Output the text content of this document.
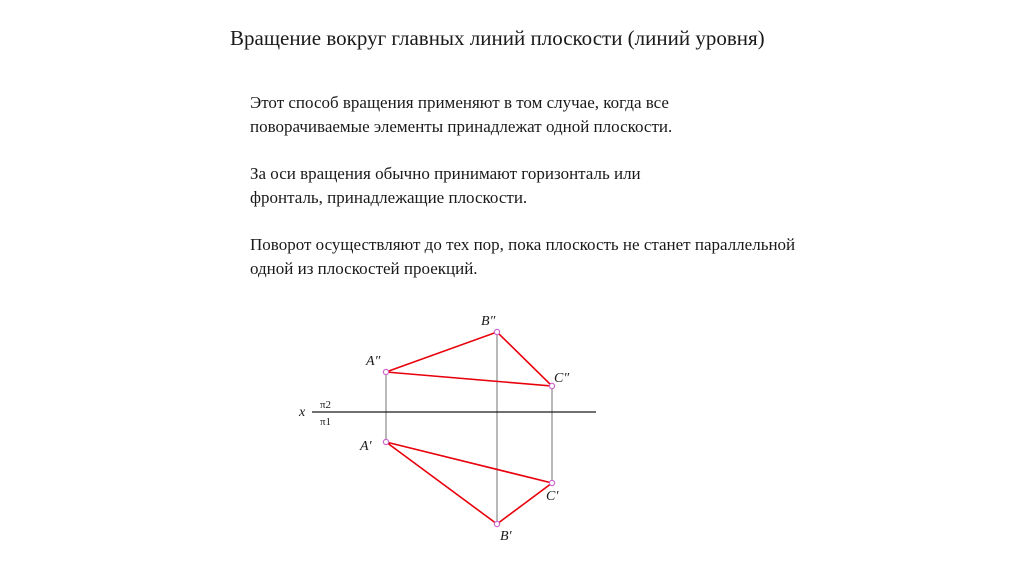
Вращение вокруг главных линий плоскости (линий уровня)

Этот способ вращения применяют в том случае, когда все
поворачиваемые элементы принадлежат одной плоскости.

За оси вращения обычно принимают горизонталь или
фронталь, принадлежащие плоскости.

Поворот осуществляют до тех пор, пока плоскость не станет параллельной
одной из плоскостей проекций.

B″
A″
C″
A′
C′
B′
x π2
π1
